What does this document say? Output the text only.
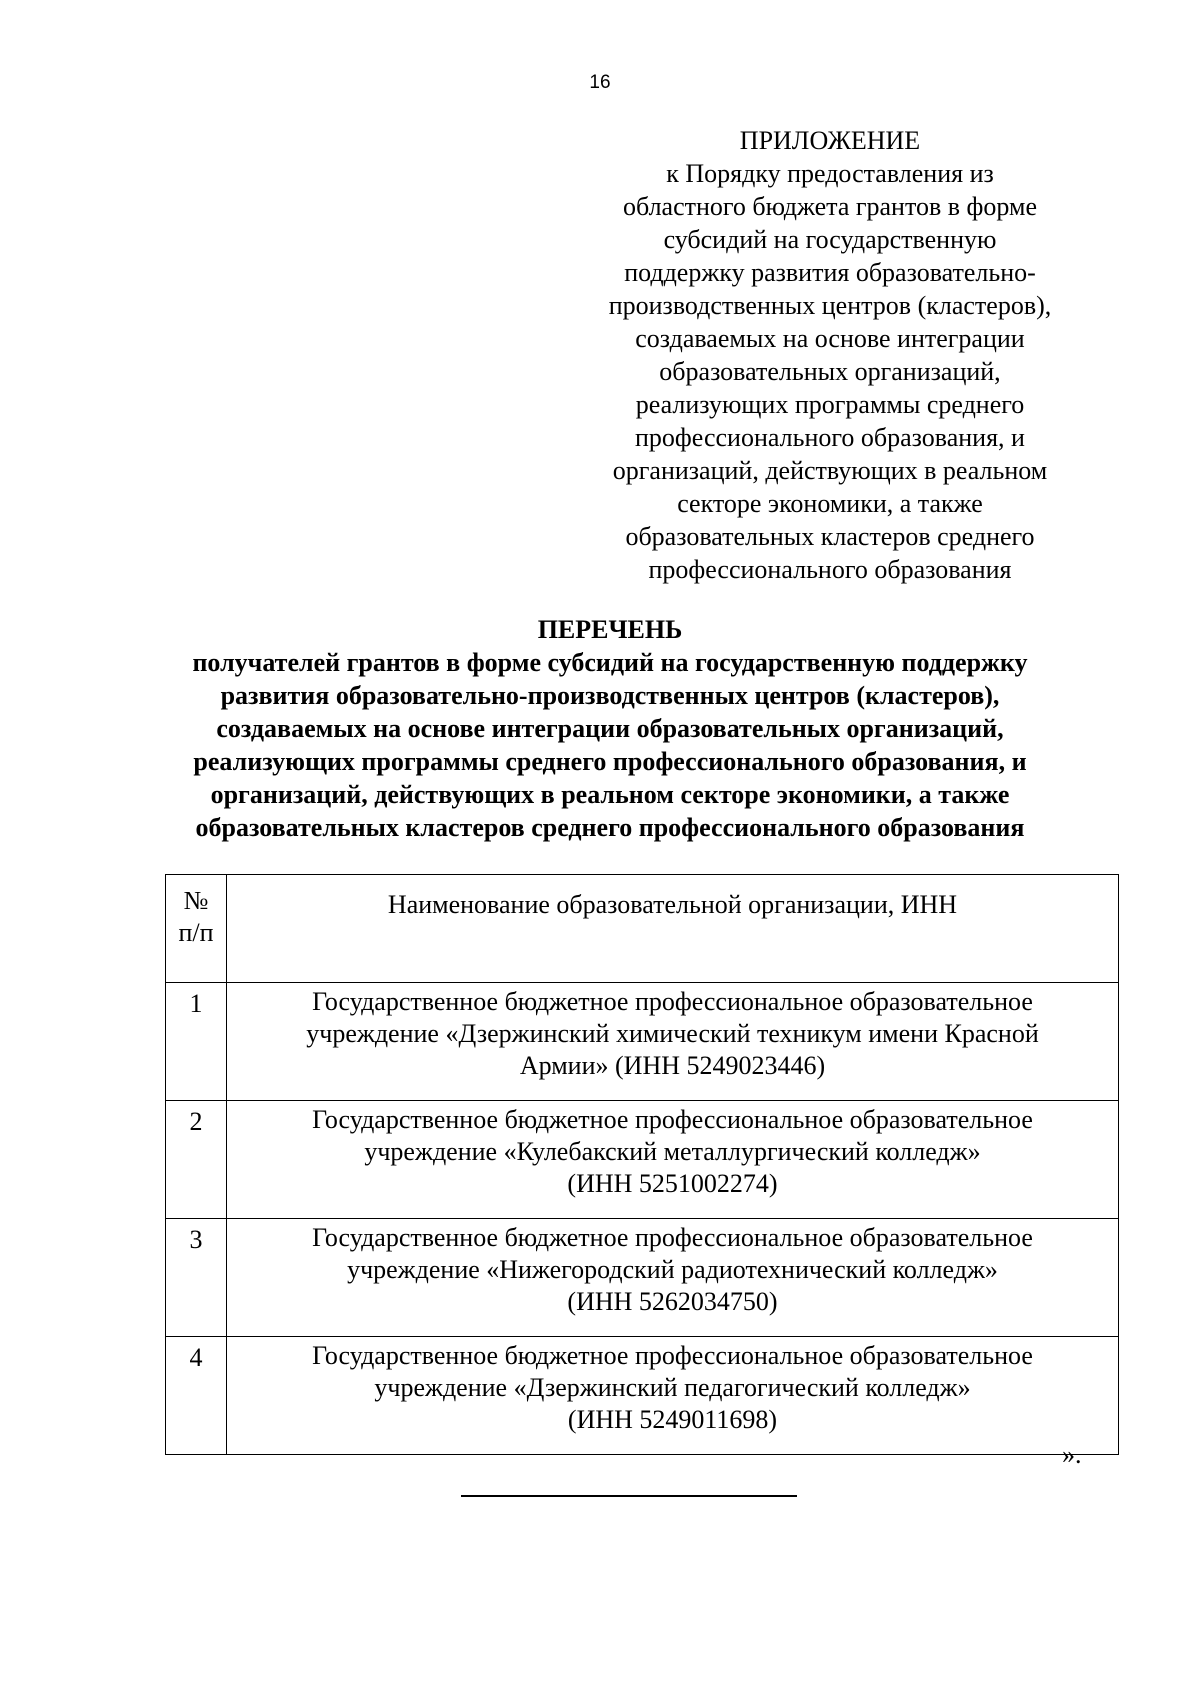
16
ПРИЛОЖЕНИЕ
к Порядку предоставления из
областного бюджета грантов в форме
субсидий на государственную
поддержку развития образовательно-
производственных центров (кластеров),
создаваемых на основе интеграции
образовательных организаций,
реализующих программы среднего
профессионального образования, и
организаций, действующих в реальном
секторе экономики, а также
образовательных кластеров среднего
профессионального образования
ПЕРЕЧЕНЬ
получателей грантов в форме субсидий на государственную поддержку
развития образовательно-производственных центров (кластеров),
создаваемых на основе интеграции образовательных организаций,
реализующих программы среднего профессионального образования, и
организаций, действующих в реальном секторе экономики, а также
образовательных кластеров среднего профессионального образования
№
п/п	Наименование образовательной организации, ИНН
1	Государственное бюджетное профессиональное образовательное
учреждение «Дзержинский химический техникум имени Красной
Армии» (ИНН 5249023446)

2	Государственное бюджетное профессиональное образовательное
учреждение «Кулебакский металлургический колледж»
(ИНН 5251002274)

3	Государственное бюджетное профессиональное образовательное
учреждение «Нижегородский радиотехнический колледж»
(ИНН 5262034750)

4	Государственное бюджетное профессиональное образовательное
учреждение «Дзержинский педагогический колледж»
(ИНН 5249011698)
».
